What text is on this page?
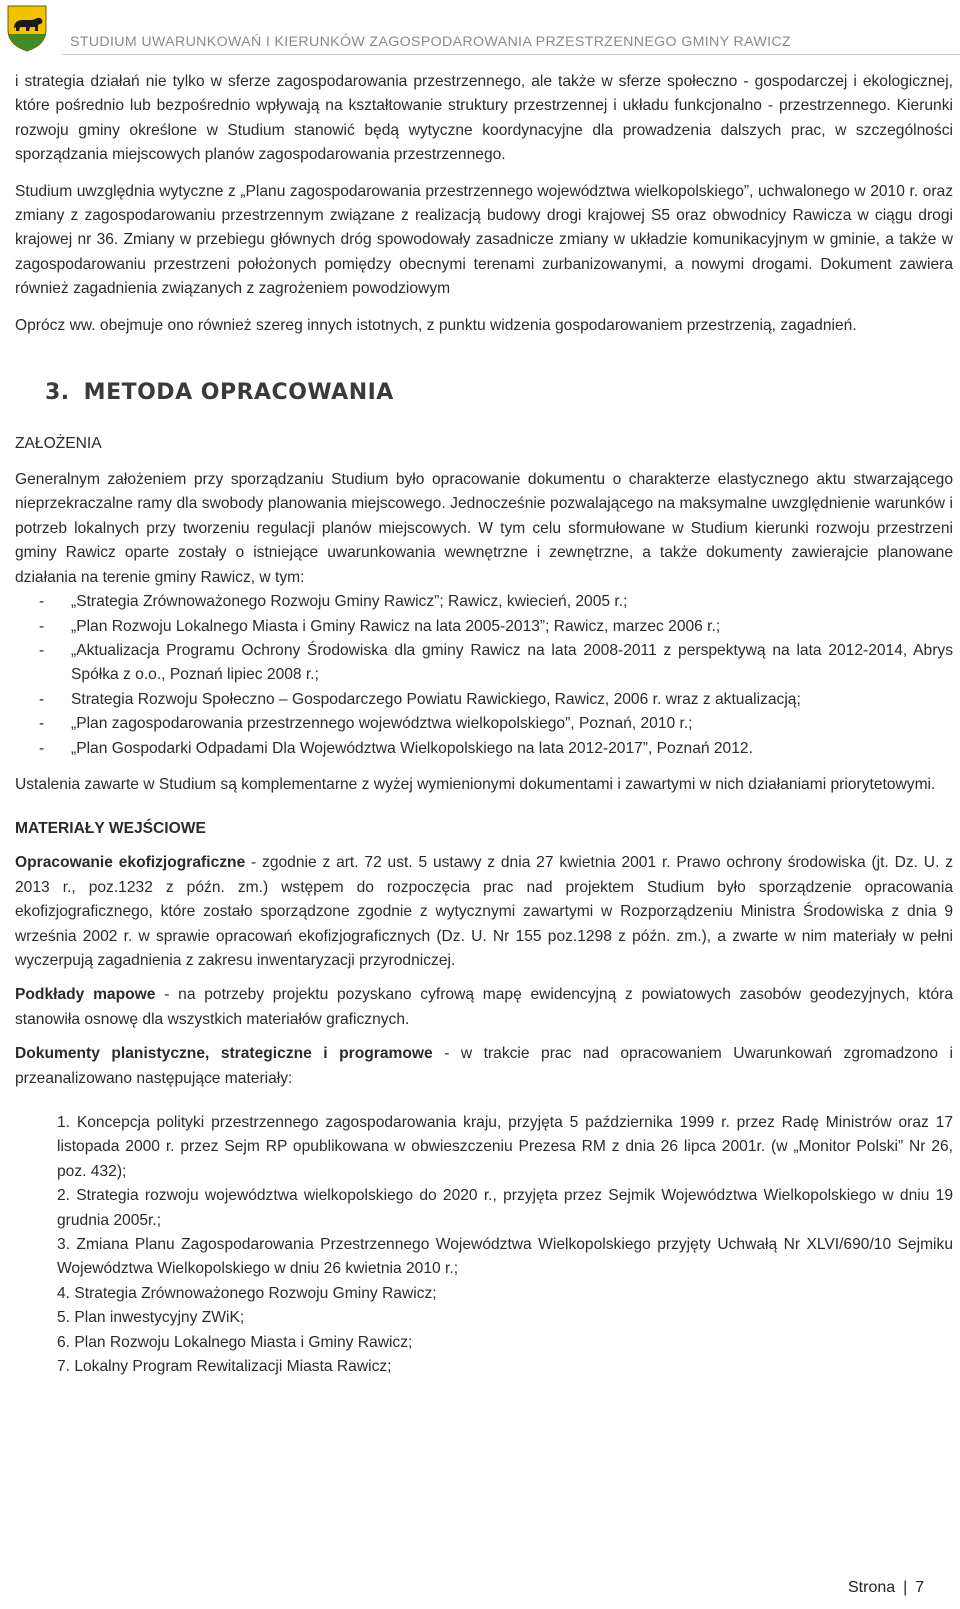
STUDIUM UWARUNKOWAŃ I KIERUNKÓW ZAGOSPODAROWANIA PRZESTRZENNEGO GMINY RAWICZ

i strategia działań nie tylko w sferze zagospodarowania przestrzennego, ale także w sferze społeczno - gospodarczej i ekologicznej, które pośrednio lub bezpośrednio wpływają na kształtowanie struktury przestrzennej i układu funkcjonalno - przestrzennego. Kierunki rozwoju gminy określone w Studium stanowić będą wytyczne koordynacyjne dla prowadzenia dalszych prac, w szczególności sporządzania miejscowych planów zagospodarowania przestrzennego.

Studium uwzględnia wytyczne z „Planu zagospodarowania przestrzennego województwa wielkopolskiego”, uchwalonego w 2010 r. oraz zmiany z zagospodarowaniu przestrzennym związane z realizacją budowy drogi krajowej S5 oraz obwodnicy Rawicza w ciągu drogi krajowej nr 36. Zmiany w przebiegu głównych dróg spowodowały zasadnicze zmiany w układzie komunikacyjnym w gminie, a także w zagospodarowaniu przestrzeni położonych pomiędzy obecnymi terenami zurbanizowanymi, a nowymi drogami. Dokument zawiera również zagadnienia związanych z zagrożeniem powodziowym

Oprócz ww. obejmuje ono również szereg innych istotnych, z punktu widzenia gospodarowaniem przestrzenią, zagadnień.

3. METODA OPRACOWANIA
ZAŁOŻENIA

Generalnym założeniem przy sporządzaniu Studium było opracowanie dokumentu o charakterze elastycznego aktu stwarzającego nieprzekraczalne ramy dla swobody planowania miejscowego. Jednocześnie pozwalającego na maksymalne uwzględnienie warunków i potrzeb lokalnych przy tworzeniu regulacji planów miejscowych. W tym celu sformułowane w Studium kierunki rozwoju przestrzeni gminy Rawicz oparte zostały o istniejące uwarunkowania wewnętrzne i zewnętrzne, a także dokumenty zawierajcie planowane działania na terenie gminy Rawicz, w tym:

- „Strategia Zrównoważonego Rozwoju Gminy Rawicz”; Rawicz, kwiecień, 2005 r.;
- „Plan Rozwoju Lokalnego Miasta i Gminy Rawicz na lata 2005-2013”; Rawicz, marzec 2006 r.;
- „Aktualizacja Programu Ochrony Środowiska dla gminy Rawicz na lata 2008-2011 z perspektywą na lata 2012-2014, Abrys Spółka z o.o., Poznań lipiec 2008 r.;
- Strategia Rozwoju Społeczno – Gospodarczego Powiatu Rawickiego, Rawicz, 2006 r. wraz z aktualizacją;
- „Plan zagospodarowania przestrzennego województwa wielkopolskiego”, Poznań, 2010 r.;
- „Plan Gospodarki Odpadami Dla Województwa Wielkopolskiego na lata 2012-2017”, Poznań 2012.

Ustalenia zawarte w Studium są komplementarne z wyżej wymienionymi dokumentami i zawartymi w nich działaniami priorytetowymi.

MATERIAŁY WEJŚCIOWE

Opracowanie ekofizjograficzne - zgodnie z art. 72 ust. 5 ustawy z dnia 27 kwietnia 2001 r. Prawo ochrony środowiska (jt. Dz. U. z 2013 r., poz.1232 z późn. zm.) wstępem do rozpoczęcia prac nad projektem Studium było sporządzenie opracowania ekofizjograficznego, które zostało sporządzone zgodnie z wytycznymi zawartymi w Rozporządzeniu Ministra Środowiska z dnia 9 września 2002 r. w sprawie opracowań ekofizjograficznych (Dz. U. Nr 155 poz.1298 z późn. zm.), a zwarte w nim materiały w pełni wyczerpują zagadnienia z zakresu inwentaryzacji przyrodniczej.

Podkłady mapowe - na potrzeby projektu pozyskano cyfrową mapę ewidencyjną z powiatowych zasobów geodezyjnych, która stanowiła osnowę dla wszystkich materiałów graficznych.

Dokumenty planistyczne, strategiczne i programowe - w trakcie prac nad opracowaniem Uwarunkowań zgromadzono i przeanalizowano następujące materiały:

1. Koncepcja polityki przestrzennego zagospodarowania kraju, przyjęta 5 października 1999 r. przez Radę Ministrów oraz 17 listopada 2000 r. przez Sejm RP opublikowana w obwieszczeniu Prezesa RM z dnia 26 lipca 2001r. (w „Monitor Polski” Nr 26, poz. 432);
2. Strategia rozwoju województwa wielkopolskiego do 2020 r., przyjęta przez Sejmik Województwa Wielkopolskiego w dniu 19 grudnia 2005r.;
3. Zmiana Planu Zagospodarowania Przestrzennego Województwa Wielkopolskiego przyjęty Uchwałą Nr XLVI/690/10 Sejmiku Województwa Wielkopolskiego w dniu 26 kwietnia 2010 r.;
4. Strategia Zrównoważonego Rozwoju Gminy Rawicz;
5. Plan inwestycyjny ZWiK;
6. Plan Rozwoju Lokalnego Miasta i Gminy Rawicz;
7. Lokalny Program Rewitalizacji Miasta Rawicz;
Strona | 7
